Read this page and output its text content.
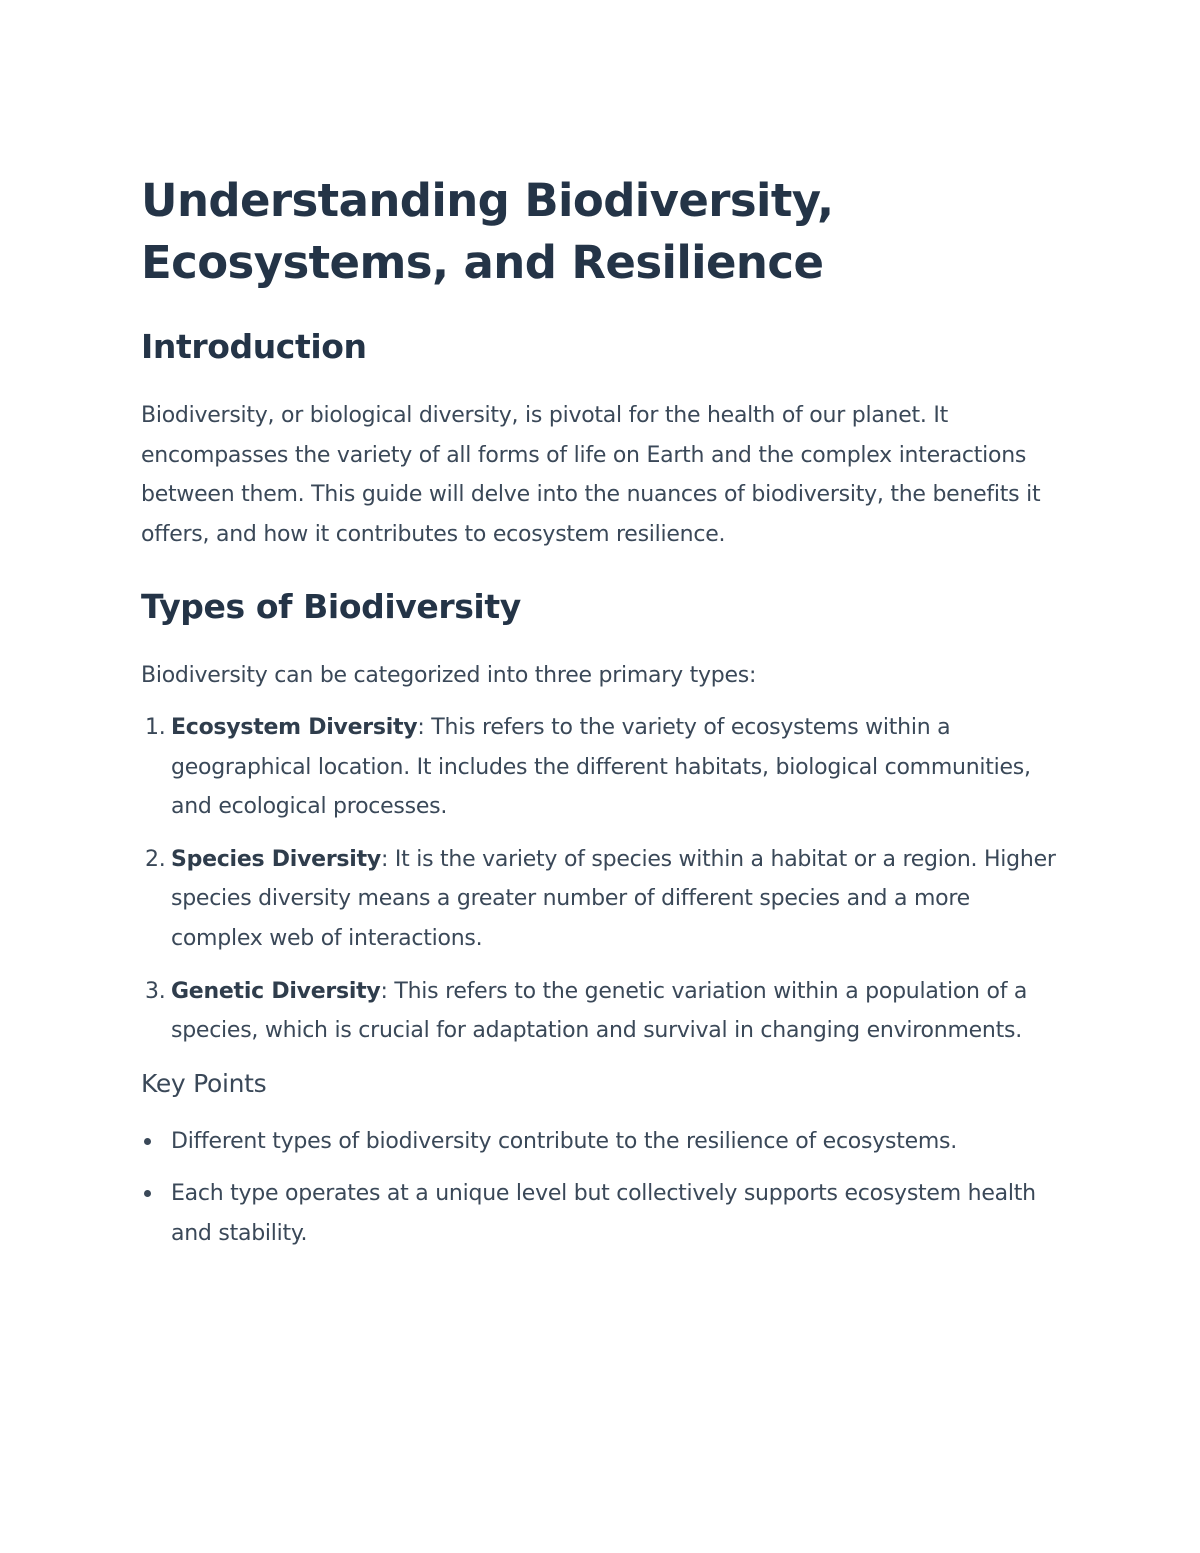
Understanding Biodiversity, Ecosystems, and Resilience
Introduction

Biodiversity, or biological diversity, is pivotal for the health of our planet. It encompasses the variety of all forms of life on Earth and the complex interactions between them. This guide will delve into the nuances of biodiversity, the benefits it offers, and how it contributes to ecosystem resilience.

Types of Biodiversity

Biodiversity can be categorized into three primary types:

1. Ecosystem Diversity: This refers to the variety of ecosystems within a geographical location. It includes the different habitats, biological communities, and ecological processes.
2. Species Diversity: It is the variety of species within a habitat or a region. Higher species diversity means a greater number of different species and a more complex web of interactions.
3. Genetic Diversity: This refers to the genetic variation within a population of a species, which is crucial for adaptation and survival in changing environments.
Key Points
Different types of biodiversity contribute to the resilience of ecosystems.
Each type operates at a unique level but collectively supports ecosystem health and stability.
